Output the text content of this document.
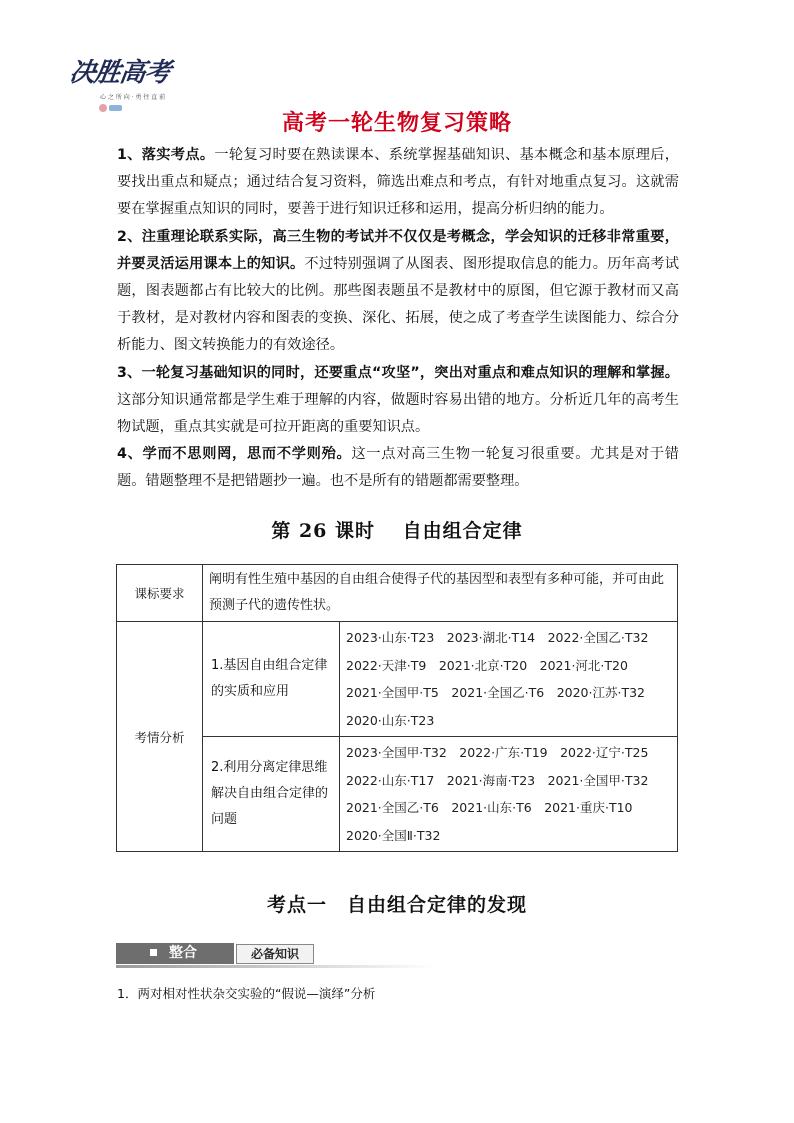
决胜高考
心 之 所 向 · 勇 往 直 前
高考一轮生物复习策略

1、落实考点。一轮复习时要在熟读课本、系统掌握基础知识、基本概念和基本原理后，要找出重点和疑点；通过结合复习资料，筛选出难点和考点，有针对地重点复习。这就需要在掌握重点知识的同时，要善于进行知识迁移和运用，提高分析归纳的能力。

2、注重理论联系实际，高三生物的考试并不仅仅是考概念，学会知识的迁移非常重要，并要灵活运用课本上的知识。不过特别强调了从图表、图形提取信息的能力。历年高考试题，图表题都占有比较大的比例。那些图表题虽不是教材中的原图，但它源于教材而又高于教材，是对教材内容和图表的变换、深化、拓展，使之成了考查学生读图能力、综合分析能力、图文转换能力的有效途径。

3、一轮复习基础知识的同时，还要重点“攻坚”，突出对重点和难点知识的理解和掌握。这部分知识通常都是学生难于理解的内容，做题时容易出错的地方。分析近几年的高考生物试题，重点其实就是可拉开距离的重要知识点。

4、学而不思则罔，思而不学则殆。这一点对高三生物一轮复习很重要。尤其是对于错题。错题整理不是把错题抄一遍。也不是所有的错题都需要整理。

第 26 课时　 自由组合定律
课标要求	阐明有性生殖中基因的自由组合使得子代的基因型和表型有多种可能，并可由此预测子代的遗传性状。	
考情分析	1.基因自由组合定律的实质和应用	2023·山东·T23　2023·湖北·T14　2022·全国乙·T32
2022·天津·T9　2021·北京·T20　2021·河北·T20
2021·全国甲·T5　2021·全国乙·T6　2020·江苏·T32
2020·山东·T23

	2.利用分离定律思维解决自由组合定律的问题	2023·全国甲·T32　2022·广东·T19　2022·辽宁·T25
2022·山东·T17　2021·海南·T23　2021·全国甲·T32
2021·全国乙·T6　2021·山东·T6　2021·重庆·T10
2020·全国Ⅱ·T32
考点一　自由组合定律的发现
整合	必备知识
1．两对相对性状杂交实验的“假说—演绎”分析
